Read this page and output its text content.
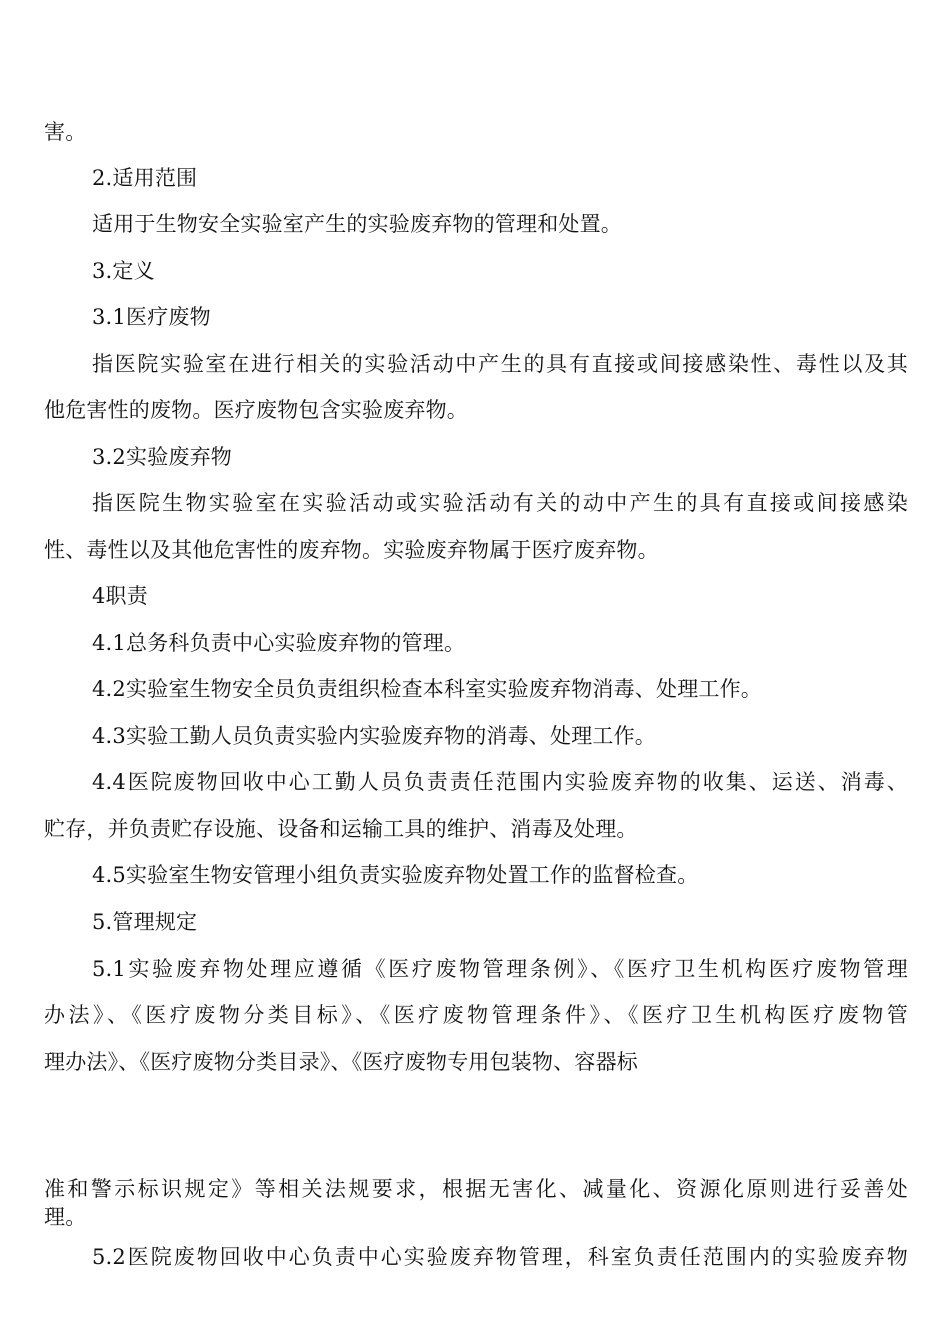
害。
2.适用范围
适用于生物安全实验室产生的实验废弃物的管理和处置。
3.定义
3.1医疗废物
指医院实验室在进行相关的实验活动中产生的具有直接或间接感染性、毒性以及其
他危害性的废物。医疗废物包含实验废弃物。
3.2实验废弃物
指医院生物实验室在实验活动或实验活动有关的动中产生的具有直接或间接感染
性、毒性以及其他危害性的废弃物。实验废弃物属于医疗废弃物。
4职责
4.1总务科负责中心实验废弃物的管理。
4.2实验室生物安全员负责组织检查本科室实验废弃物消毒、处理工作。
4.3实验工勤人员负责实验内实验废弃物的消毒、处理工作。
4.4医院废物回收中心工勤人员负责责任范围内实验废弃物的收集、运送、消毒、
贮存，并负责贮存设施、设备和运输工具的维护、消毒及处理。
4.5实验室生物安管理小组负责实验废弃物处置工作的监督检查。
5.管理规定
5.1实验废弃物处理应遵循《医疗废物管理条例》、《医疗卫生机构医疗废物管理
办法》、《医疗废物分类目标》、《医疗废物管理条件》、《医疗卫生机构医疗废物管
理办法》、《医疗废物分类目录》、《医疗废物专用包装物、容器标
准和警示标识规定》等相关法规要求，根据无害化、减量化、资源化原则进行妥善处
理。
5.2医院废物回收中心负责中心实验废弃物管理，科室负责任范围内的实验废弃物
